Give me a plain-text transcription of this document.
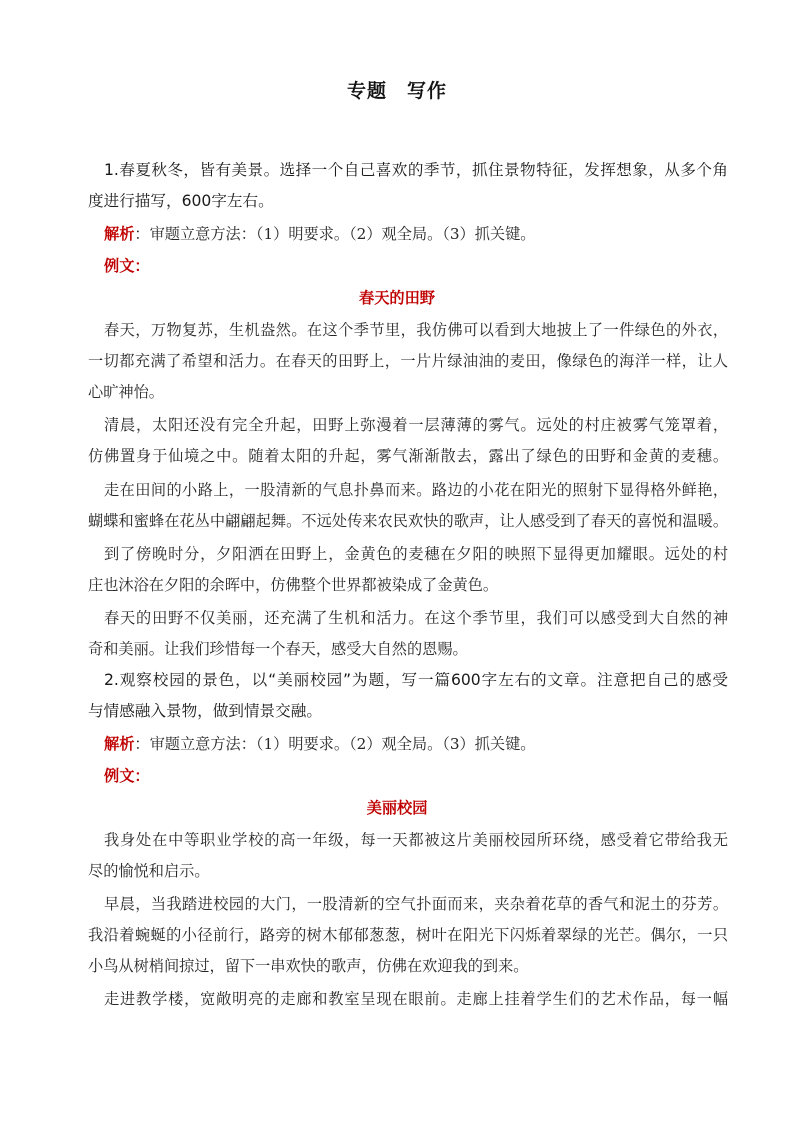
专题　写作
1.春夏秋冬，皆有美景。选择一个自己喜欢的季节，抓住景物特征，发挥想象，从多个角
度进行描写，600字左右。
解析：审题立意方法：（1）明要求。（2）观全局。（3）抓关键。
例文：
春天的田野
春天，万物复苏，生机盎然。在这个季节里，我仿佛可以看到大地披上了一件绿色的外衣，
一切都充满了希望和活力。在春天的田野上，一片片绿油油的麦田，像绿色的海洋一样，让人
心旷神怡。
清晨，太阳还没有完全升起，田野上弥漫着一层薄薄的雾气。远处的村庄被雾气笼罩着，
仿佛置身于仙境之中。随着太阳的升起，雾气渐渐散去，露出了绿色的田野和金黄的麦穗。
走在田间的小路上，一股清新的气息扑鼻而来。路边的小花在阳光的照射下显得格外鲜艳，
蝴蝶和蜜蜂在花丛中翩翩起舞。不远处传来农民欢快的歌声，让人感受到了春天的喜悦和温暖。
到了傍晚时分，夕阳洒在田野上，金黄色的麦穗在夕阳的映照下显得更加耀眼。远处的村
庄也沐浴在夕阳的余晖中，仿佛整个世界都被染成了金黄色。
春天的田野不仅美丽，还充满了生机和活力。在这个季节里，我们可以感受到大自然的神
奇和美丽。让我们珍惜每一个春天，感受大自然的恩赐。
2.观察校园的景色，以“美丽校园”为题，写一篇600字左右的文章。注意把自己的感受
与情感融入景物，做到情景交融。
解析：审题立意方法：（1）明要求。（2）观全局。（3）抓关键。
例文：
美丽校园
我身处在中等职业学校的高一年级，每一天都被这片美丽校园所环绕，感受着它带给我无
尽的愉悦和启示。
早晨，当我踏进校园的大门，一股清新的空气扑面而来，夹杂着花草的香气和泥土的芬芳。
我沿着蜿蜒的小径前行，路旁的树木郁郁葱葱，树叶在阳光下闪烁着翠绿的光芒。偶尔，一只
小鸟从树梢间掠过，留下一串欢快的歌声，仿佛在欢迎我的到来。
走进教学楼，宽敞明亮的走廊和教室呈现在眼前。走廊上挂着学生们的艺术作品，每一幅
